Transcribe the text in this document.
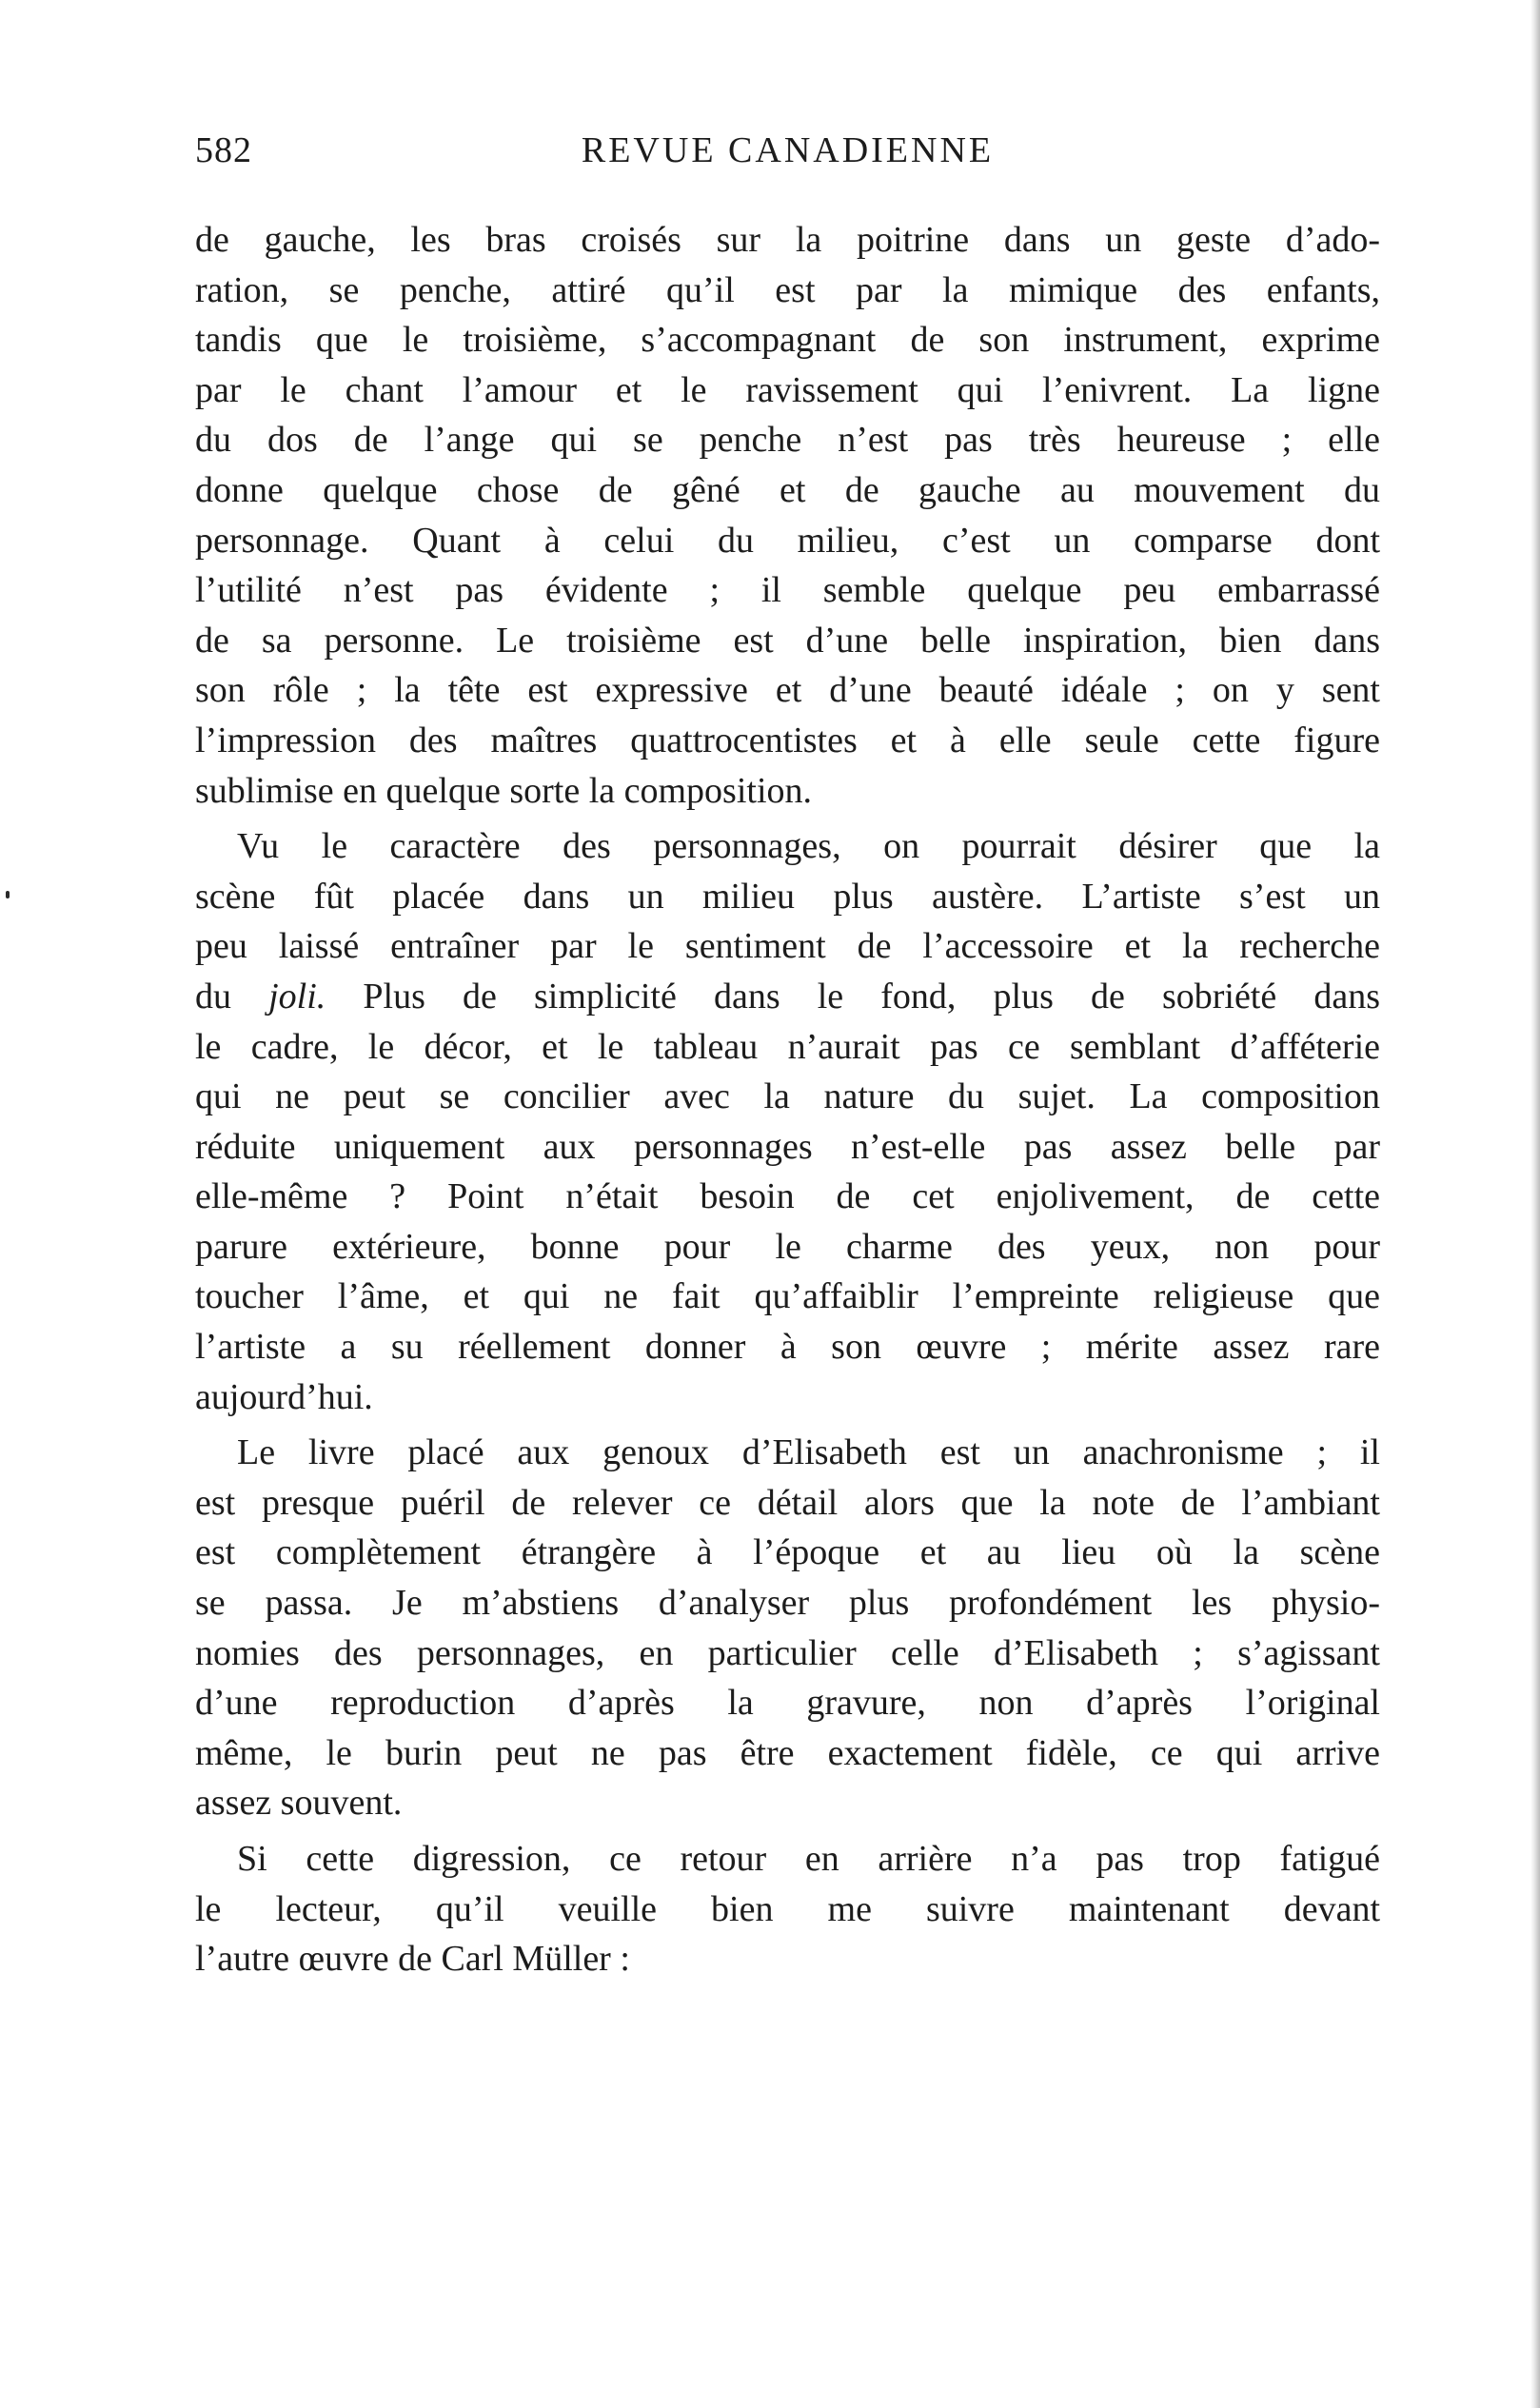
582	REVUE CANADIENNE
de gauche, les bras croisés sur la poitrine dans un geste d’ado-
ration, se penche, attiré qu’il est par la mimique des enfants,
tandis que le troisième, s’accompagnant de son instrument, exprime
par le chant l’amour et le ravissement qui l’enivrent. La ligne
du dos de l’ange qui se penche n’est pas très heureuse ; elle
donne quelque chose de gêné et de gauche au mouvement du
personnage. Quant à celui du milieu, c’est un comparse dont
l’utilité n’est pas évidente ; il semble quelque peu embarrassé
de sa personne. Le troisième est d’une belle inspiration, bien dans
son rôle ; la tête est expressive et d’une beauté idéale ; on y sent
l’impression des maîtres quattrocentistes et à elle seule cette figure
sublimise en quelque sorte la composition.
Vu le caractère des personnages, on pourrait désirer que la
scène fût placée dans un milieu plus austère. L’artiste s’est un
peu laissé entraîner par le sentiment de l’accessoire et la recherche
du joli. Plus de simplicité dans le fond, plus de sobriété dans
le cadre, le décor, et le tableau n’aurait pas ce semblant d’afféterie
qui ne peut se concilier avec la nature du sujet. La composition
réduite uniquement aux personnages n’est-elle pas assez belle par
elle-même ? Point n’était besoin de cet enjolivement, de cette
parure extérieure, bonne pour le charme des yeux, non pour
toucher l’âme, et qui ne fait qu’affaiblir l’empreinte religieuse que
l’artiste a su réellement donner à son œuvre ; mérite assez rare
aujourd’hui.
Le livre placé aux genoux d’Elisabeth est un anachronisme ; il
est presque puéril de relever ce détail alors que la note de l’ambiant
est complètement étrangère à l’époque et au lieu où la scène
se passa. Je m’abstiens d’analyser plus profondément les physio-
nomies des personnages, en particulier celle d’Elisabeth ; s’agissant
d’une reproduction d’après la gravure, non d’après l’original
même, le burin peut ne pas être exactement fidèle, ce qui arrive
assez souvent.
Si cette digression, ce retour en arrière n’a pas trop fatigué
le lecteur, qu’il veuille bien me suivre maintenant devant
l’autre œuvre de Carl Müller :
